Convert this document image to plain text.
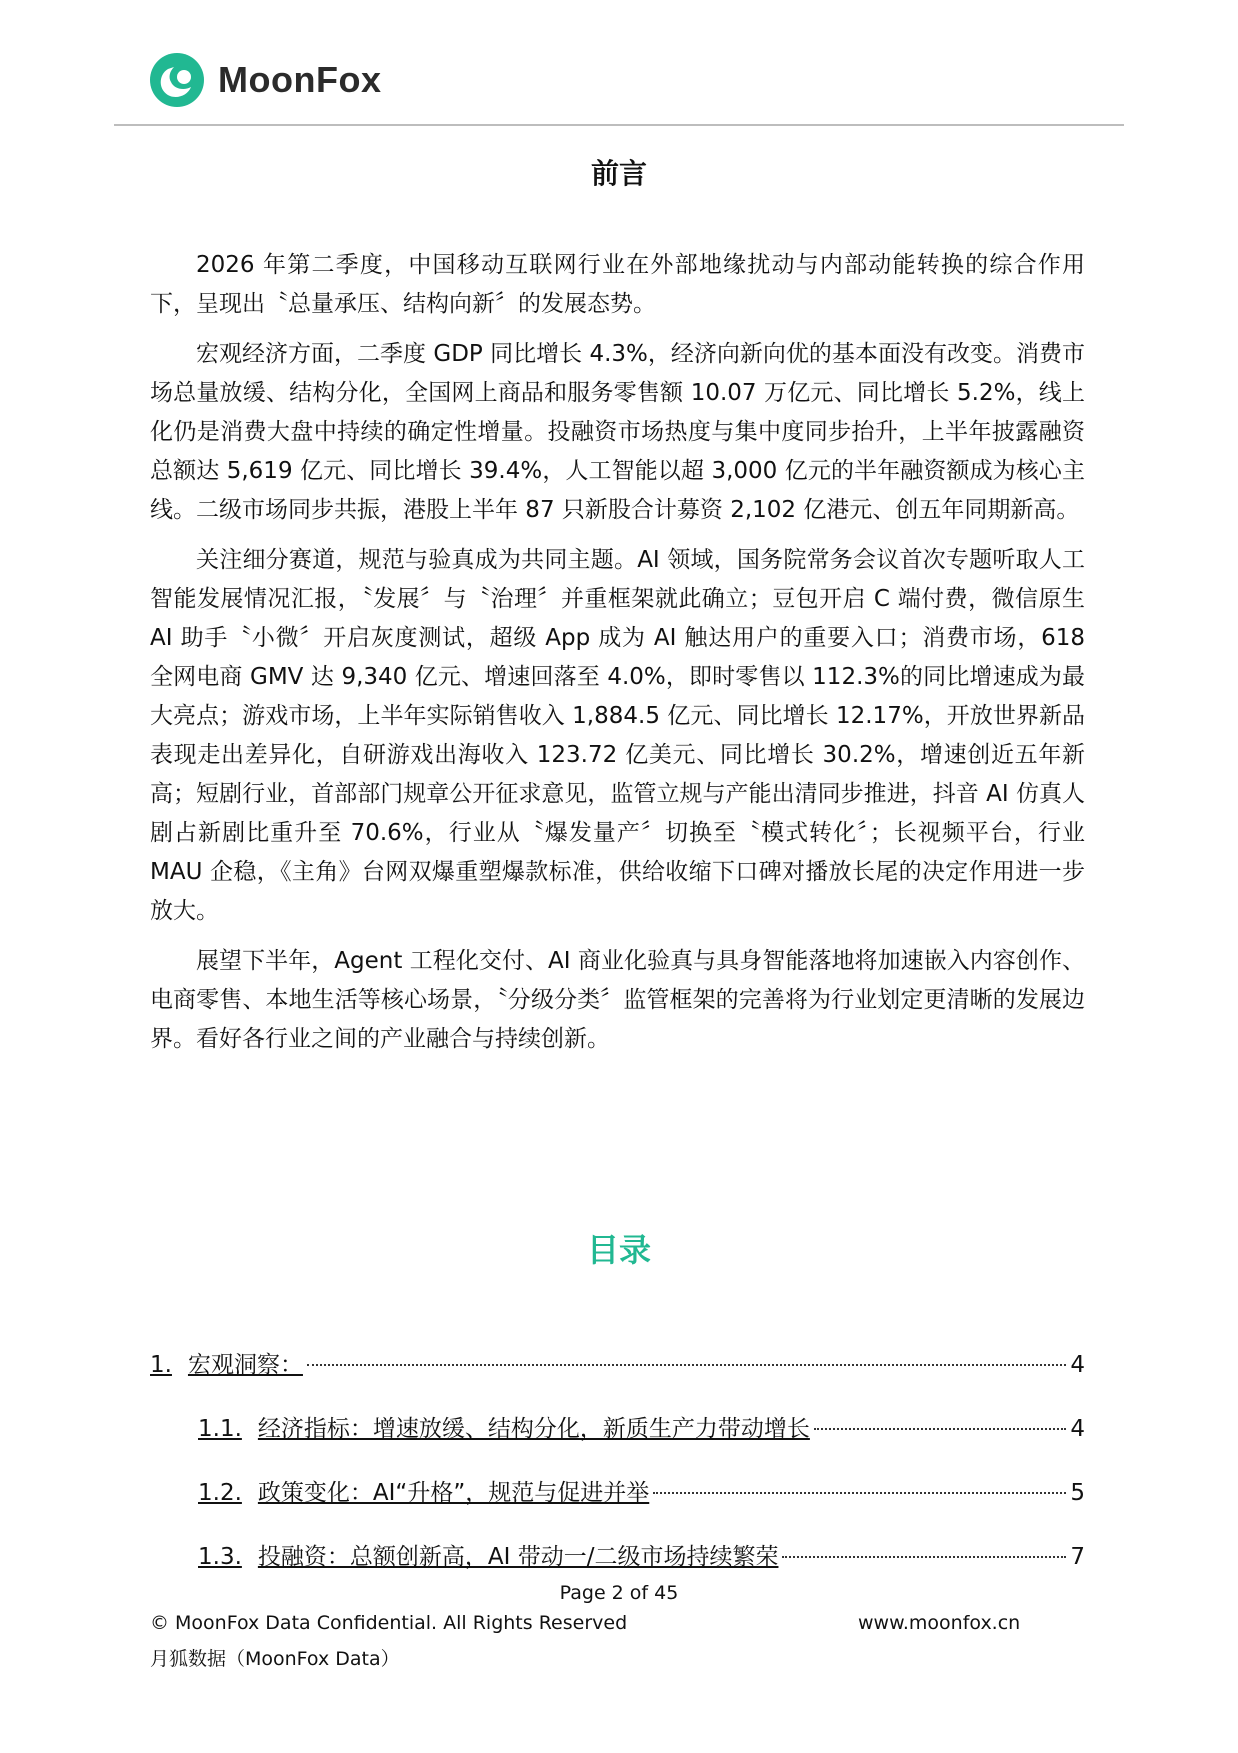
MoonFox
前言

2026 年第二季度，中国移动互联网行业在外部地缘扰动与内部动能转换的综合作用下，呈现出〝总量承压、结构向新〞的发展态势。

宏观经济方面，二季度 GDP 同比增长 4.3%，经济向新向优的基本面没有改变。消费市场总量放缓、结构分化，全国网上商品和服务零售额 10.07 万亿元、同比增长 5.2%，线上化仍是消费大盘中持续的确定性增量。投融资市场热度与集中度同步抬升，上半年披露融资总额达 5,619 亿元、同比增长 39.4%，人工智能以超 3,000 亿元的半年融资额成为核心主线。二级市场同步共振，港股上半年 87 只新股合计募资 2,102 亿港元、创五年同期新高。

关注细分赛道，规范与验真成为共同主题。AI 领域，国务院常务会议首次专题听取人工智能发展情况汇报，〝发展〞与〝治理〞并重框架就此确立；豆包开启 C 端付费，微信原生 AI 助手〝小微〞开启灰度测试，超级 App 成为 AI 触达用户的重要入口；消费市场，618 全网电商 GMV 达 9,340 亿元、增速回落至 4.0%，即时零售以 112.3%的同比增速成为最大亮点；游戏市场，上半年实际销售收入 1,884.5 亿元、同比增长 12.17%，开放世界新品表现走出差异化，自研游戏出海收入 123.72 亿美元、同比增长 30.2%，增速创近五年新高；短剧行业，首部部门规章公开征求意见，监管立规与产能出清同步推进，抖音 AI 仿真人剧占新剧比重升至 70.6%，行业从〝爆发量产〞切换至〝模式转化〞；长视频平台，行业 MAU 企稳，《主角》台网双爆重塑爆款标准，供给收缩下口碑对播放长尾的决定作用进一步放大。

展望下半年，Agent 工程化交付、AI 商业化验真与具身智能落地将加速嵌入内容创作、电商零售、本地生活等核心场景，〝分级分类〞监管框架的完善将为行业划定更清晰的发展边界。看好各行业之间的产业融合与持续创新。

目录
1. 宏观洞察：	4
1.1. 经济指标：增速放缓、结构分化，新质生产力带动增长	4
1.2. 政策变化：AI“升格”，规范与促进并举	5
1.3. 投融资：总额创新高，AI 带动一/二级市场持续繁荣	7
Page 2 of 45
© MoonFox Data Confidential. All Rights Reserved	www.moonfox.cn
月狐数据（MoonFox Data）
